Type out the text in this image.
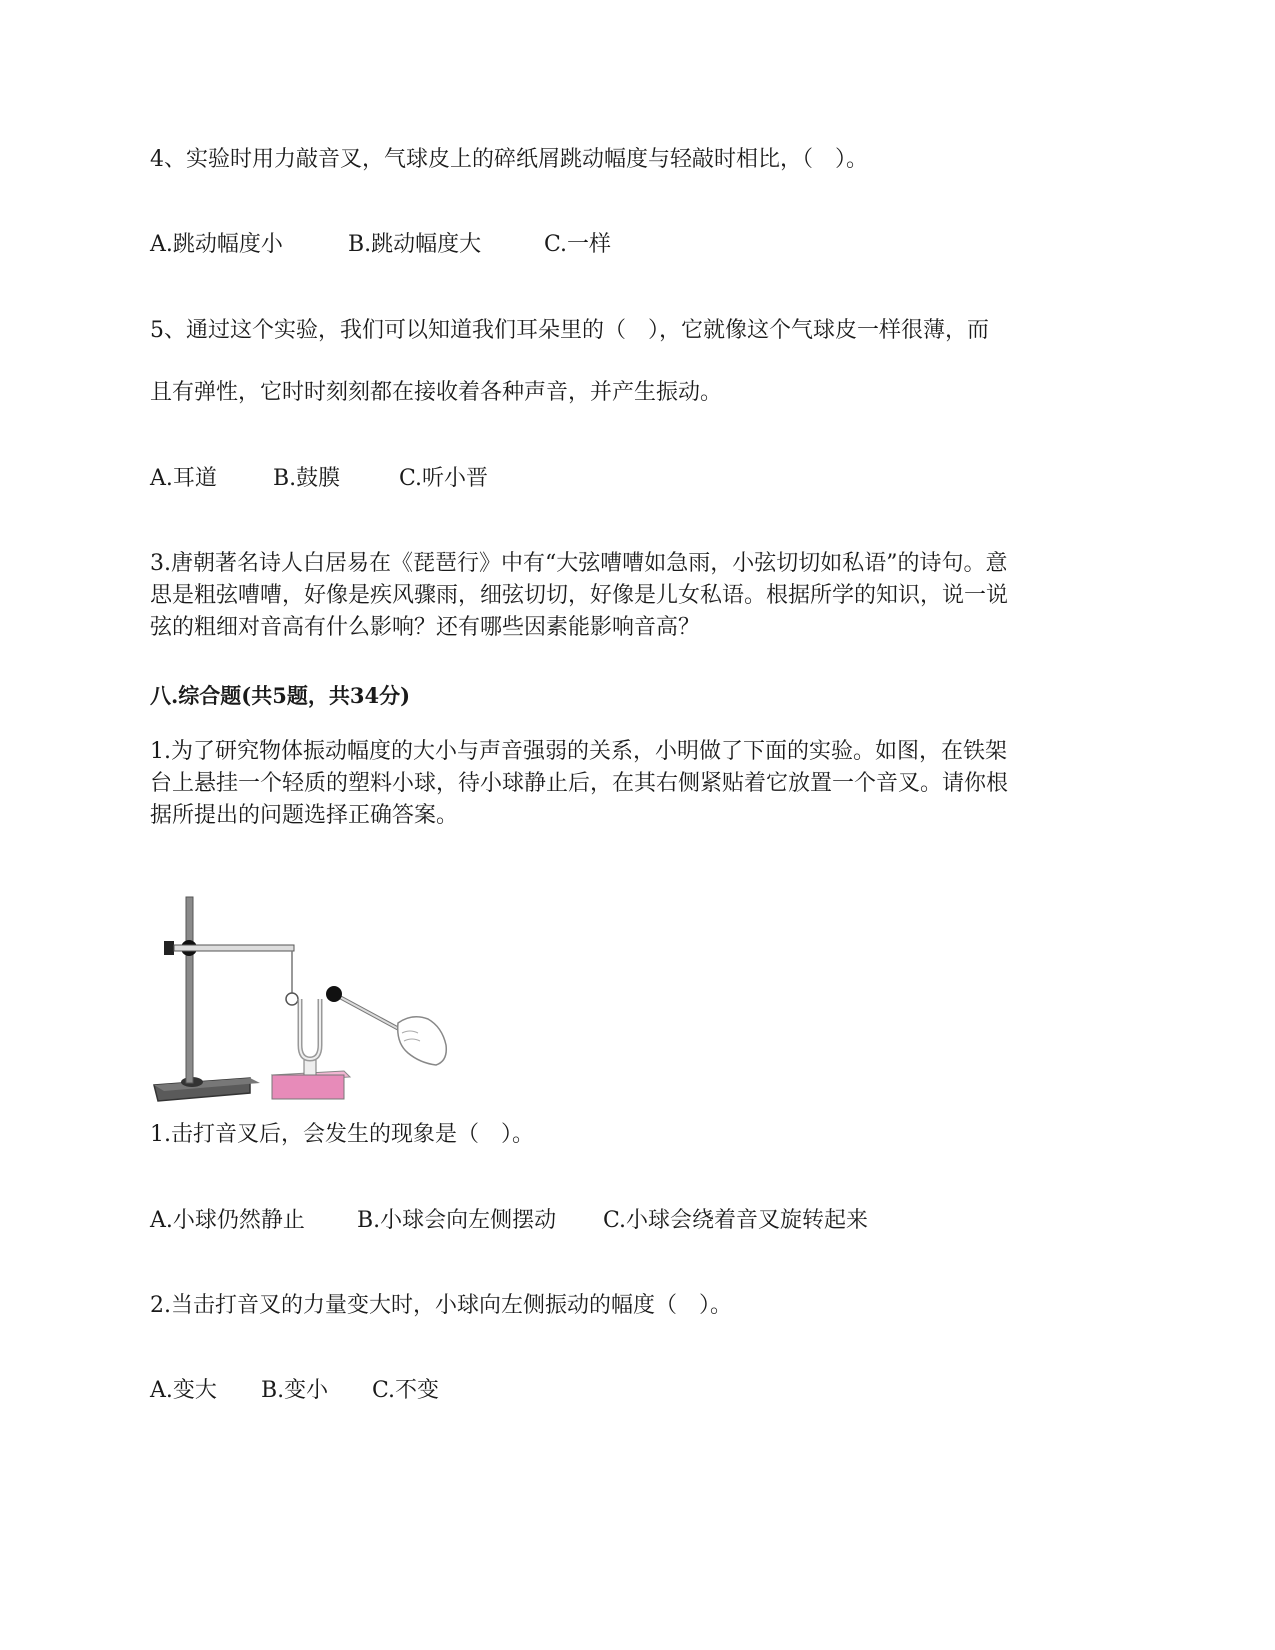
4、实验时用力敲音叉，气球皮上的碎纸屑跳动幅度与轻敲时相比，（　）。
A.跳动幅度小	B.跳动幅度大	C.一样
5、通过这个实验，我们可以知道我们耳朵里的（　），它就像这个气球皮一样很薄，而
且有弹性，它时时刻刻都在接收着各种声音，并产生振动。
A.耳道	B.鼓膜	C.听小晋

3.唐朝著名诗人白居易在《琵琶行》中有“大弦嘈嘈如急雨，小弦切切如私语”的诗句。意

思是粗弦嘈嘈，好像是疾风骤雨，细弦切切，好像是儿女私语。根据所学的知识，说一说

弦的粗细对音高有什么影响？还有哪些因素能影响音高？

八.综合题(共5题，共34分)

1.为了研究物体振动幅度的大小与声音强弱的关系，小明做了下面的实验。如图，在铁架

台上悬挂一个轻质的塑料小球，待小球静止后，在其右侧紧贴着它放置一个音叉。请你根

据所提出的问题选择正确答案。

1.击打音叉后，会发生的现象是（　）。
A.小球仍然静止	B.小球会向左侧摆动	C.小球会绕着音叉旋转起来
2.当击打音叉的力量变大时，小球向左侧振动的幅度（　）。
A.变大	B.变小	C.不变
